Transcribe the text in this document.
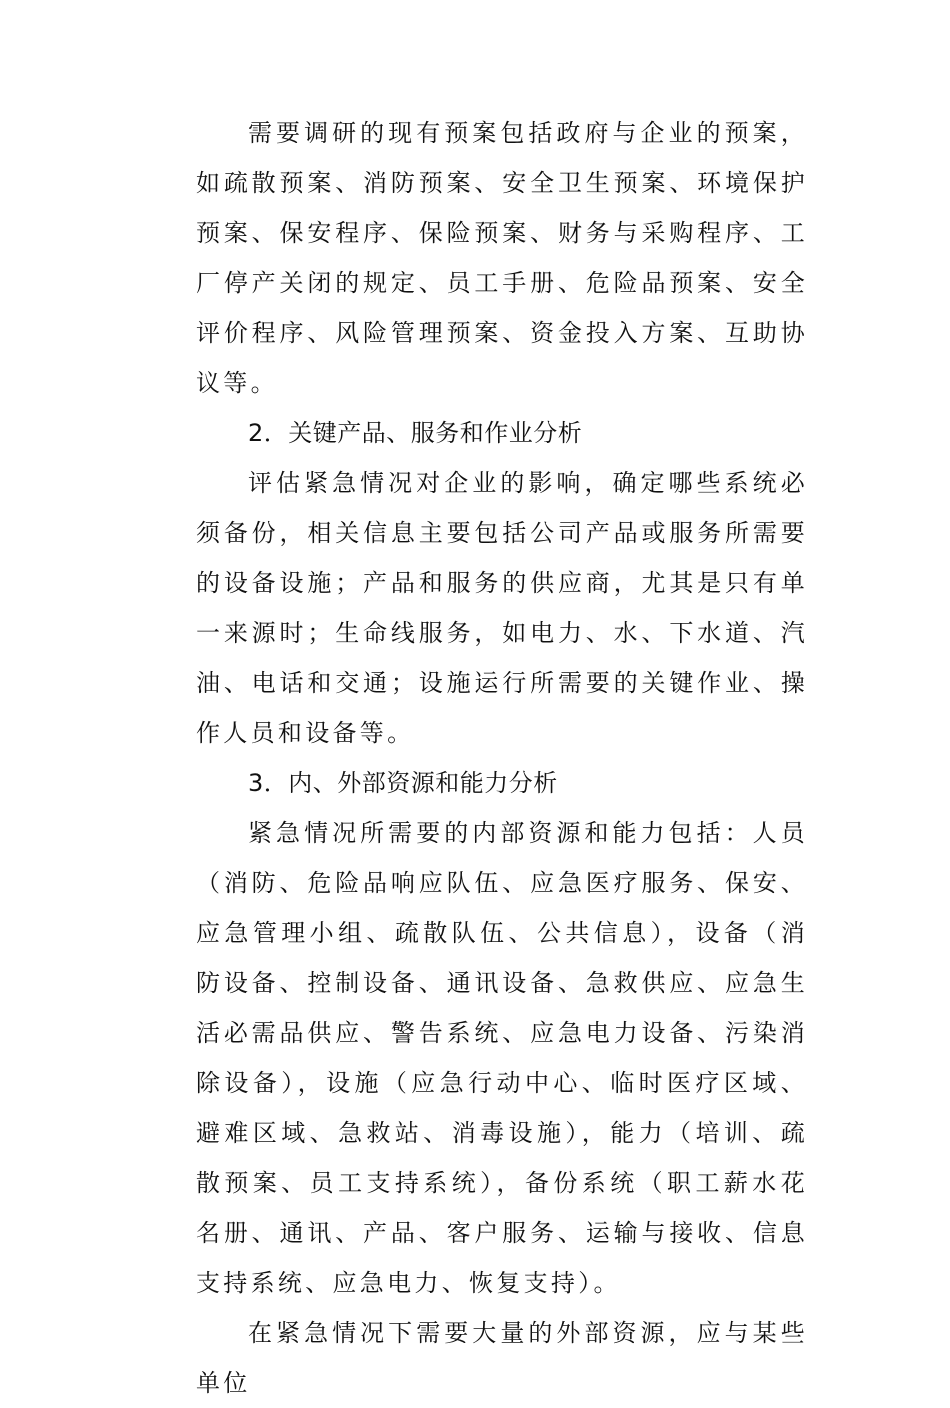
需要调研的现有预案包括政府与企业的预案，如疏散预案、消防预案、安全卫生预案、环境保护预案、保安程序、保险预案、财务与采购程序、工厂停产关闭的规定、员工手册、危险品预案、安全评价程序、风险管理预案、资金投入方案、互助协议等。

2．关键产品、服务和作业分析

评估紧急情况对企业的影响，确定哪些系统必须备份，相关信息主要包括公司产品或服务所需要的设备设施；产品和服务的供应商，尤其是只有单一来源时；生命线服务，如电力、水、下水道、汽油、电话和交通；设施运行所需要的关键作业、操作人员和设备等。

3．内、外部资源和能力分析

紧急情况所需要的内部资源和能力包括：人员（消防、危险品响应队伍、应急医疗服务、保安、应急管理小组、疏散队伍、公共信息），设备（消防设备、控制设备、通讯设备、急救供应、应急生活必需品供应、警告系统、应急电力设备、污染消除设备），设施（应急行动中心、临时医疗区域、避难区域、急救站、消毒设施），能力（培训、疏散预案、员工支持系统），备份系统（职工薪水花名册、通讯、产品、客户服务、运输与接收、信息支持系统、应急电力、恢复支持）。

在紧急情况下需要大量的外部资源，应与某些单位
